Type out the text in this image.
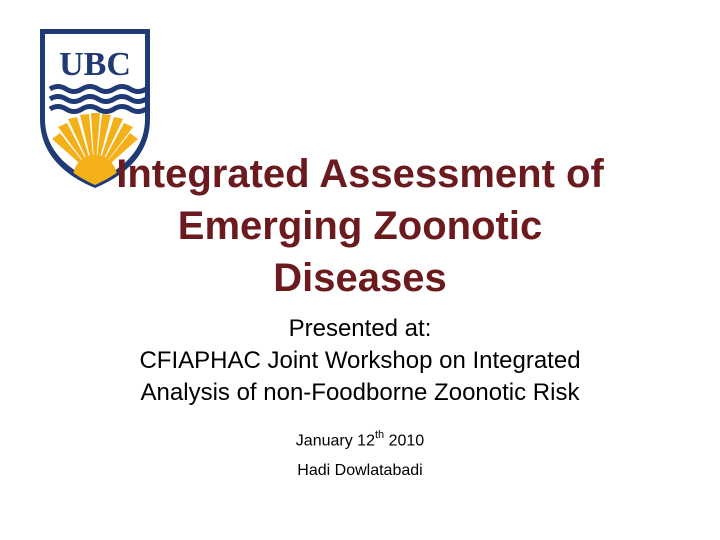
UBC
Integrated Assessment of
Emerging Zoonotic
Diseases
Presented at:
CFIAPHAC Joint Workshop on Integrated
Analysis of non-Foodborne Zoonotic Risk
January 12th 2010
Hadi Dowlatabadi
